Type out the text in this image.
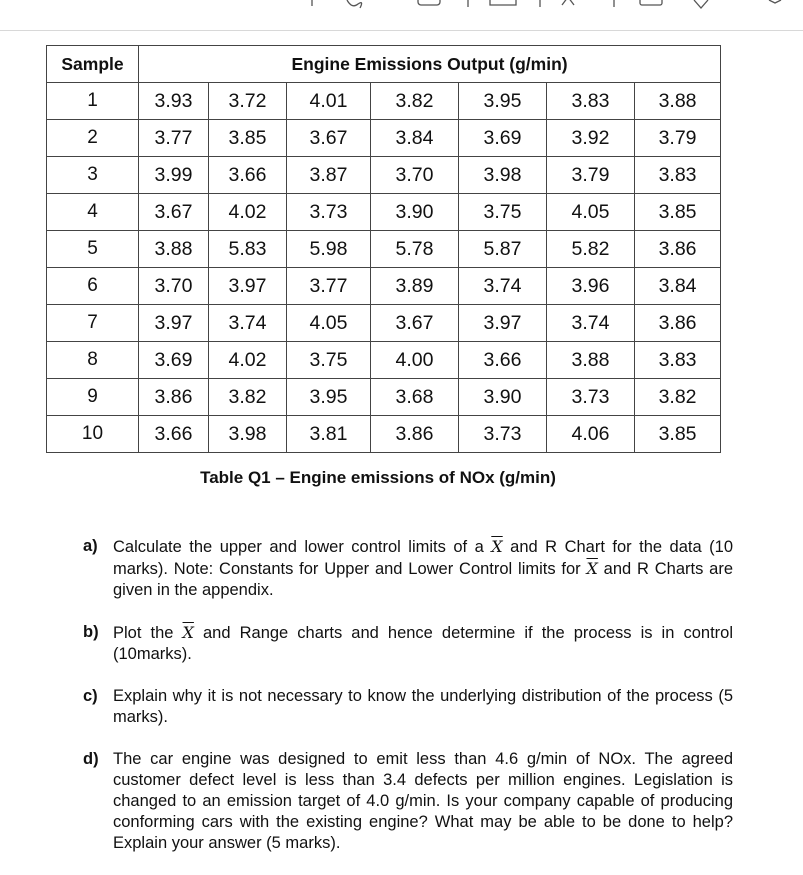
Sample	Engine Emissions Output (g/min)						
1	3.93	3.72	4.01	3.82	3.95	3.83	3.88
2	3.77	3.85	3.67	3.84	3.69	3.92	3.79
3	3.99	3.66	3.87	3.70	3.98	3.79	3.83
4	3.67	4.02	3.73	3.90	3.75	4.05	3.85
5	3.88	5.83	5.98	5.78	5.87	5.82	3.86
6	3.70	3.97	3.77	3.89	3.74	3.96	3.84
7	3.97	3.74	4.05	3.67	3.97	3.74	3.86
8	3.69	4.02	3.75	4.00	3.66	3.88	3.83
9	3.86	3.82	3.95	3.68	3.90	3.73	3.82
10	3.66	3.98	3.81	3.86	3.73	4.06	3.85
Table Q1 – Engine emissions of NOx (g/min)
a) Calculate the upper and lower control limits of a $\overline{X}$ and R Chart for the data (10 marks). Note: Constants for Upper and Lower Control limits for $\overline{X}$ and R Charts are given in the appendix.
b) Plot the $\overline{X}$ and Range charts and hence determine if the process is in control (10marks).
c) Explain why it is not necessary to know the underlying distribution of the process (5 marks).
d) The car engine was designed to emit less than 4.6 g/min of NOx. The agreed customer defect level is less than 3.4 defects per million engines. Legislation is changed to an emission target of 4.0 g/min. Is your company capable of producing conforming cars with the existing engine? What may be able to be done to help? Explain your answer (5 marks).
